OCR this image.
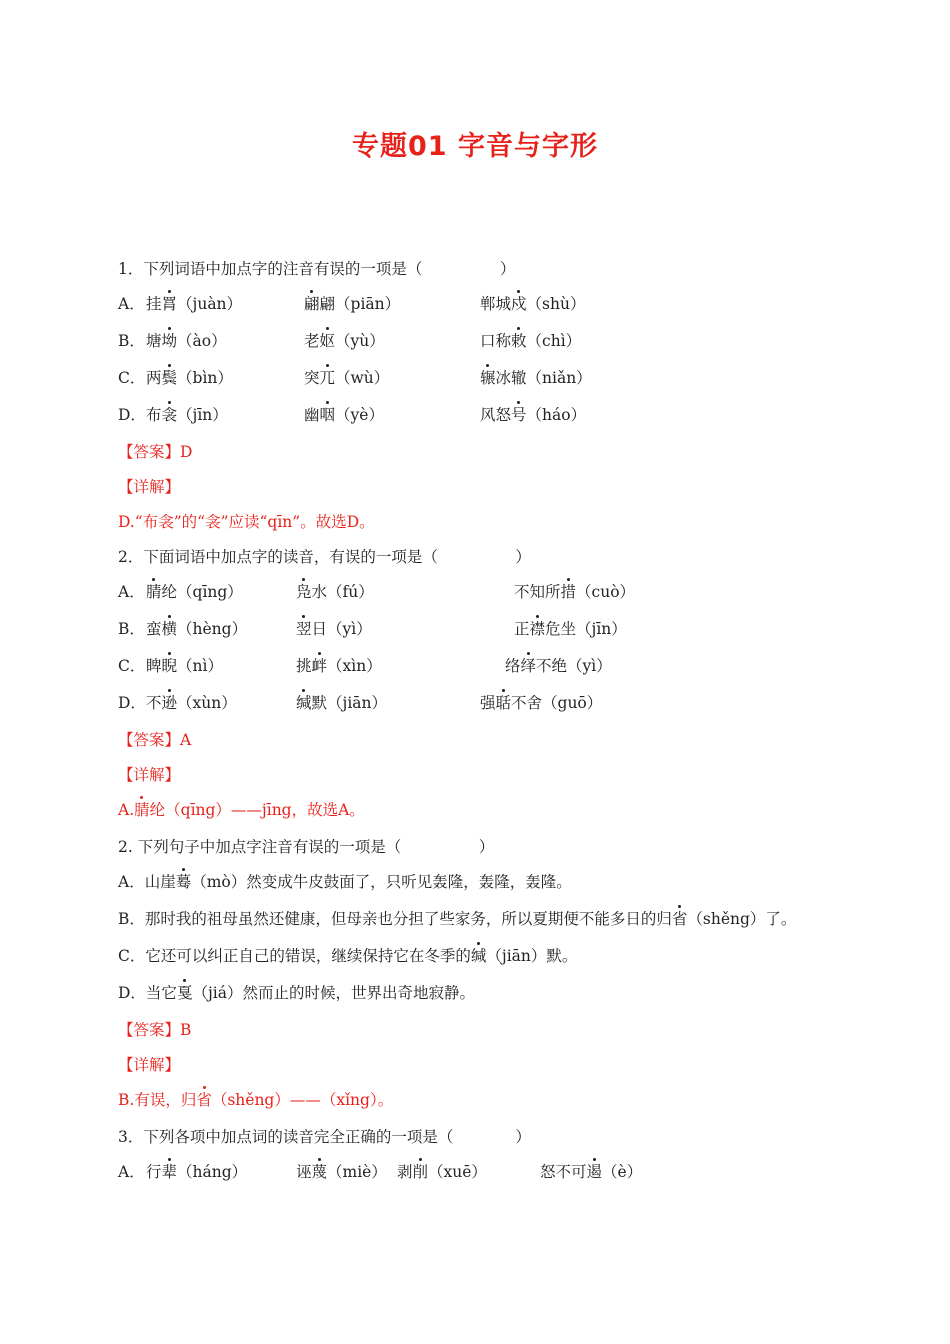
专题01 字音与字形
1．下列词语中加点字的注音有误的一项是（　　　　　）
A． 挂罥（juàn）	翩翩（piān）	郸城戍（shù）
B． 塘坳（ào）	老妪（yù）	口称敕（chì）
C． 两鬓（bìn）	突兀（wù）	辗冰辙（niǎn）
D． 布衾（jīn）	幽咽（yè）	风怒号（háo）
【答案】D
【详解】
D.“布衾”的“衾”应读“qīn”。故选D。
2．下面词语中加点字的读音，有误的一项是（　　　　　）
A． 腈纶（qīng）	凫水（fú）	不知所措（cuò）
B． 蛮横（hèng）	翌日（yì）	正襟危坐（jīn）
C． 睥睨（nì）	挑衅（xìn）	络绎不绝（yì）
D． 不逊（xùn）	缄默（jiān）	强聒不舍（guō）
【答案】A
【详解】
A.腈纶（qīng）——jīng，故选A。
2. 下列句子中加点字注音有误的一项是（　　　　　）
A．山崖蓦（mò）然变成牛皮鼓面了，只听见轰隆，轰隆，轰隆。
B．那时我的祖母虽然还健康，但母亲也分担了些家务，所以夏期便不能多日的归省（shěng）了。
C．它还可以纠正自己的错误，继续保持它在冬季的缄（jiān）默。
D．当它戛（jiá）然而止的时候，世界出奇地寂静。
【答案】B
【详解】
B.有误，归省（shěng）——（xǐng）。
3．下列各项中加点词的读音完全正确的一项是（　　　　）
A． 行辈（háng）	诬蔑（miè） 剥削（xuē）	怒不可遏（è）
